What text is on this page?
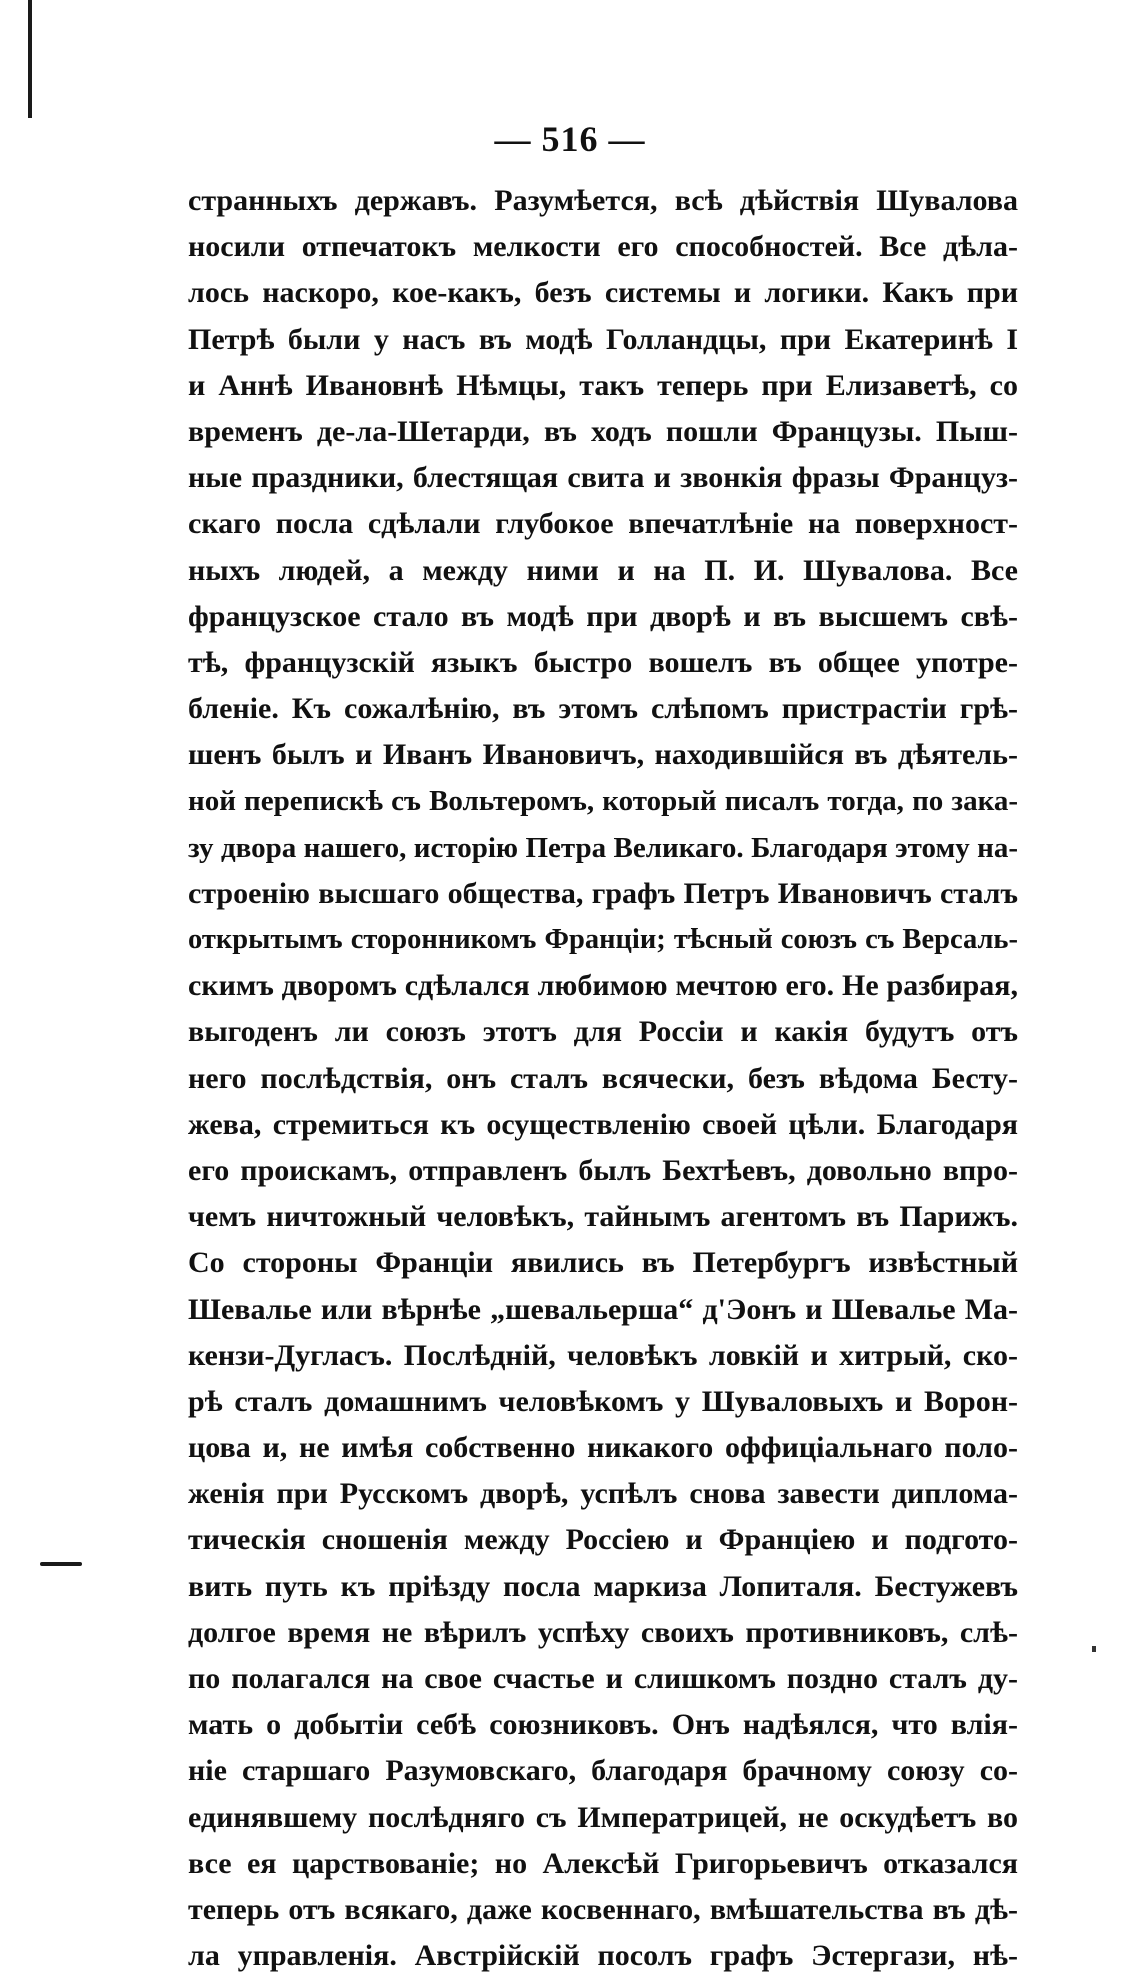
— 516 —
странныхъ державъ. Разумѣется, всѣ дѣйствія Шувалова
носили отпечатокъ мелкости его способностей. Все дѣла-
лось наскоро, кое-какъ, безъ системы и логики. Какъ при
Петрѣ были у насъ въ модѣ Голландцы, при Екатеринѣ I
и Аннѣ Ивановнѣ Нѣмцы, такъ теперь при Елизаветѣ, со
временъ де-ла-Шетарди, въ ходъ пошли Французы. Пыш-
ные праздники, блестящая свита и звонкія фразы Француз-
скаго посла сдѣлали глубокое впечатлѣніе на поверхност-
ныхъ людей, а между ними и на П. И. Шувалова. Все
французское стало въ модѣ при дворѣ и въ высшемъ свѣ-
тѣ, французскій языкъ быстро вошелъ въ общее употре-
бленіе. Къ сожалѣнію, въ этомъ слѣпомъ пристрастіи грѣ-
шенъ былъ и Иванъ Ивановичъ, находившійся въ дѣятель-
ной перепискѣ съ Вольтеромъ, который писалъ тогда, по зака-
зу двора нашего, исторію Петра Великаго. Благодаря этому на-
строенію высшаго общества, графъ Петръ Ивановичъ сталъ
открытымъ сторонникомъ Франціи; тѣсный союзъ съ Версаль-
скимъ дворомъ сдѣлался любимою мечтою его. Не разбирая,
выгоденъ ли союзъ этотъ для Россіи и какія будутъ отъ
него послѣдствія, онъ сталъ всячески, безъ вѣдома Бесту-
жева, стремиться къ осуществленію своей цѣли. Благодаря
его проискамъ, отправленъ былъ Бехтѣевъ, довольно впро-
чемъ ничтожный человѣкъ, тайнымъ агентомъ въ Парижъ.
Со стороны Франціи явились въ Петербургъ извѣстный
Шевалье или вѣрнѣе „шевальерша“ д'Эонъ и Шевалье Ма-
кензи-Дугласъ. Послѣдній, человѣкъ ловкій и хитрый, ско-
рѣ сталъ домашнимъ человѣкомъ у Шуваловыхъ и Ворон-
цова и, не имѣя собственно никакого оффиціальнаго поло-
женія при Русскомъ дворѣ, успѣлъ снова завести диплома-
тическія сношенія между Россіею и Франціею и подгото-
вить путь къ пріѣзду посла маркиза Лопиталя. Бестужевъ
долгое время не вѣрилъ успѣху своихъ противниковъ, слѣ-
по полагался на свое счастье и слишкомъ поздно сталъ ду-
мать о добытіи себѣ союзниковъ. Онъ надѣялся, что влія-
ніе старшаго Разумовскаго, благодаря брачному союзу со-
единявшему послѣдняго съ Императрицей, не оскудѣетъ во
все ея царствованіе; но Алексѣй Григорьевичъ отказался
теперь отъ всякаго, даже косвеннаго, вмѣшательства въ дѣ-
ла управленія. Австрійскій посолъ графъ Эстергази, нѣ-
